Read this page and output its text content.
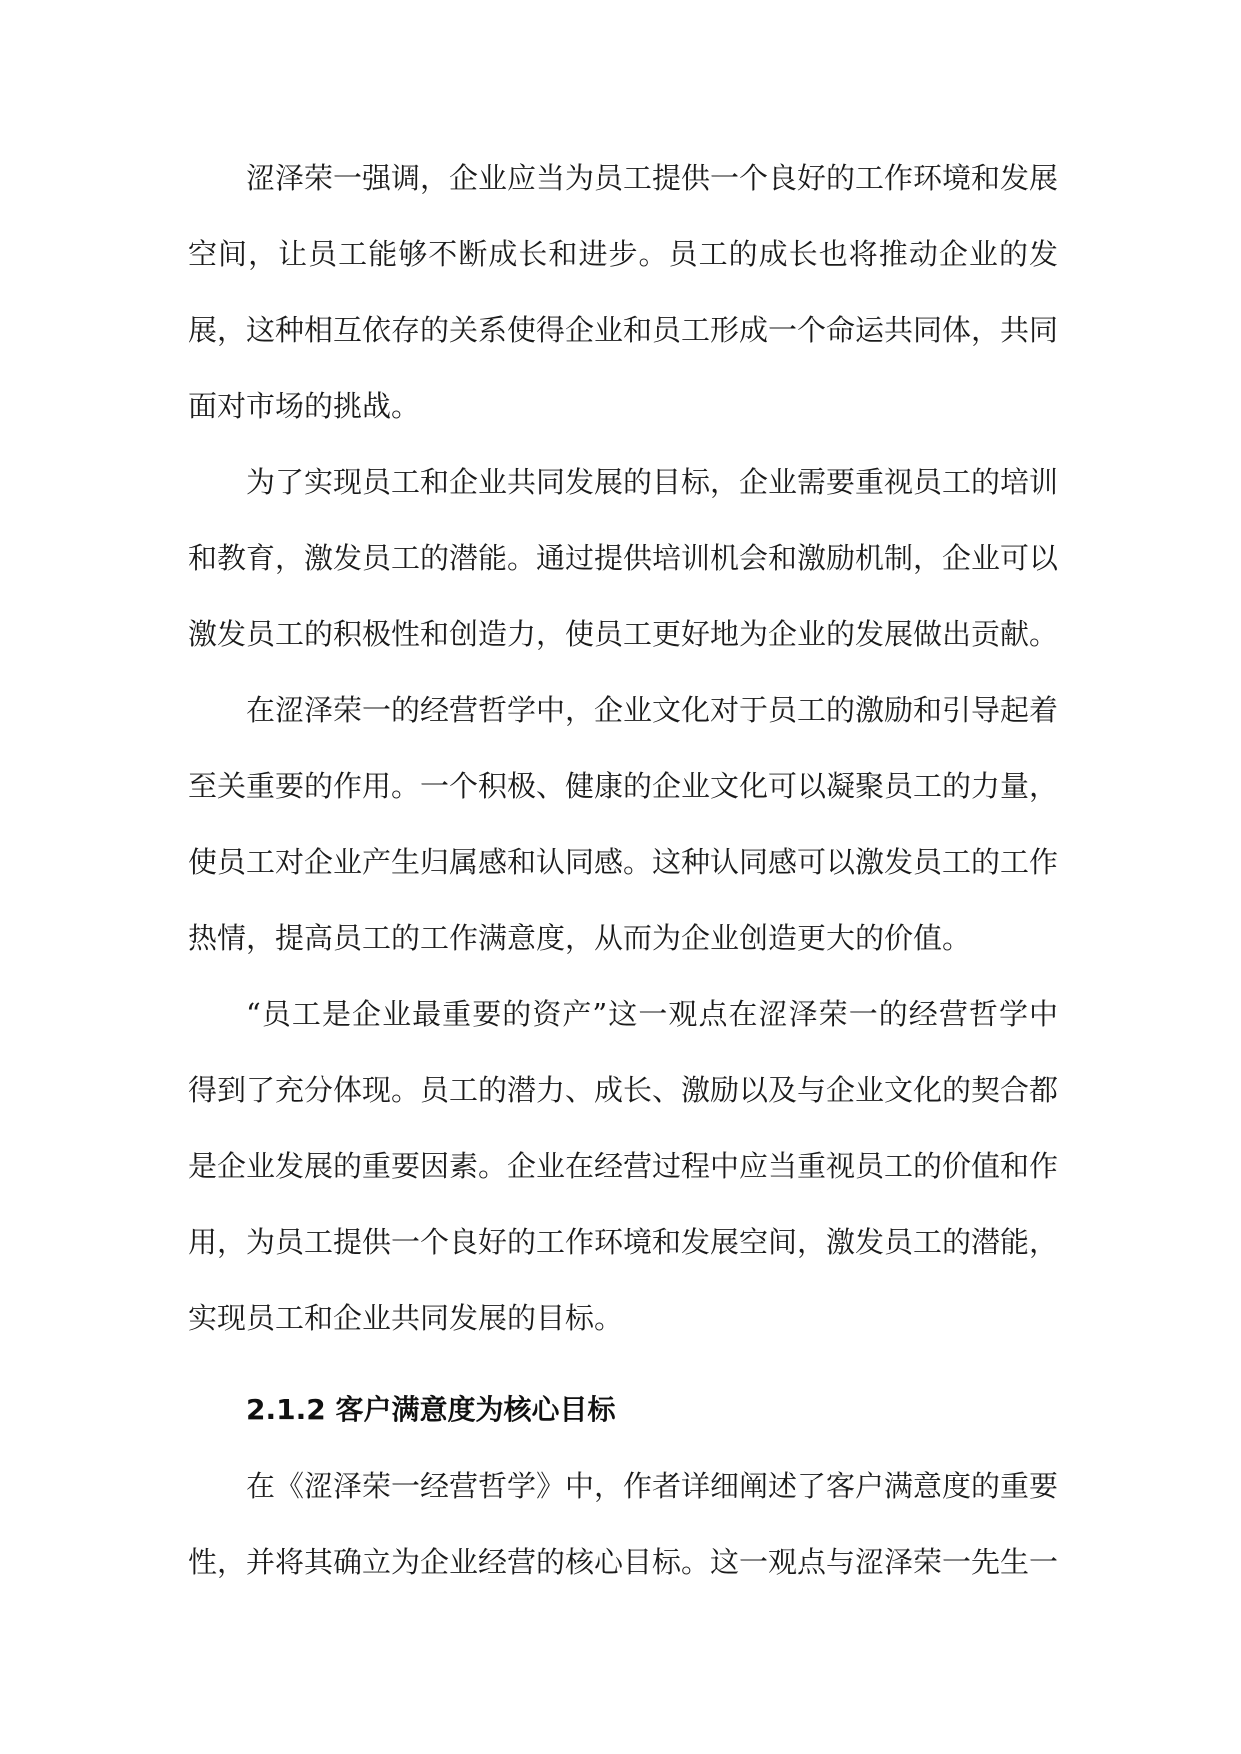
涩泽荣一强调，企业应当为员工提供一个良好的工作环境和发展空间，让员工能够不断成长和进步。员工的成长也将推动企业的发展，这种相互依存的关系使得企业和员工形成一个命运共同体，共同面对市场的挑战。

为了实现员工和企业共同发展的目标，企业需要重视员工的培训和教育，激发员工的潜能。通过提供培训机会和激励机制，企业可以激发员工的积极性和创造力，使员工更好地为企业的发展做出贡献。

在涩泽荣一的经营哲学中，企业文化对于员工的激励和引导起着至关重要的作用。一个积极、健康的企业文化可以凝聚员工的力量，使员工对企业产生归属感和认同感。这种认同感可以激发员工的工作热情，提高员工的工作满意度，从而为企业创造更大的价值。

“员工是企业最重要的资产”这一观点在涩泽荣一的经营哲学中得到了充分体现。员工的潜力、成长、激励以及与企业文化的契合都是企业发展的重要因素。企业在经营过程中应当重视员工的价值和作用，为员工提供一个良好的工作环境和发展空间，激发员工的潜能，实现员工和企业共同发展的目标。

2.1.2 客户满意度为核心目标

在《涩泽荣一经营哲学》中，作者详细阐述了客户满意度的重要性，并将其确立为企业经营的核心目标。这一观点与涩泽荣一先生一
